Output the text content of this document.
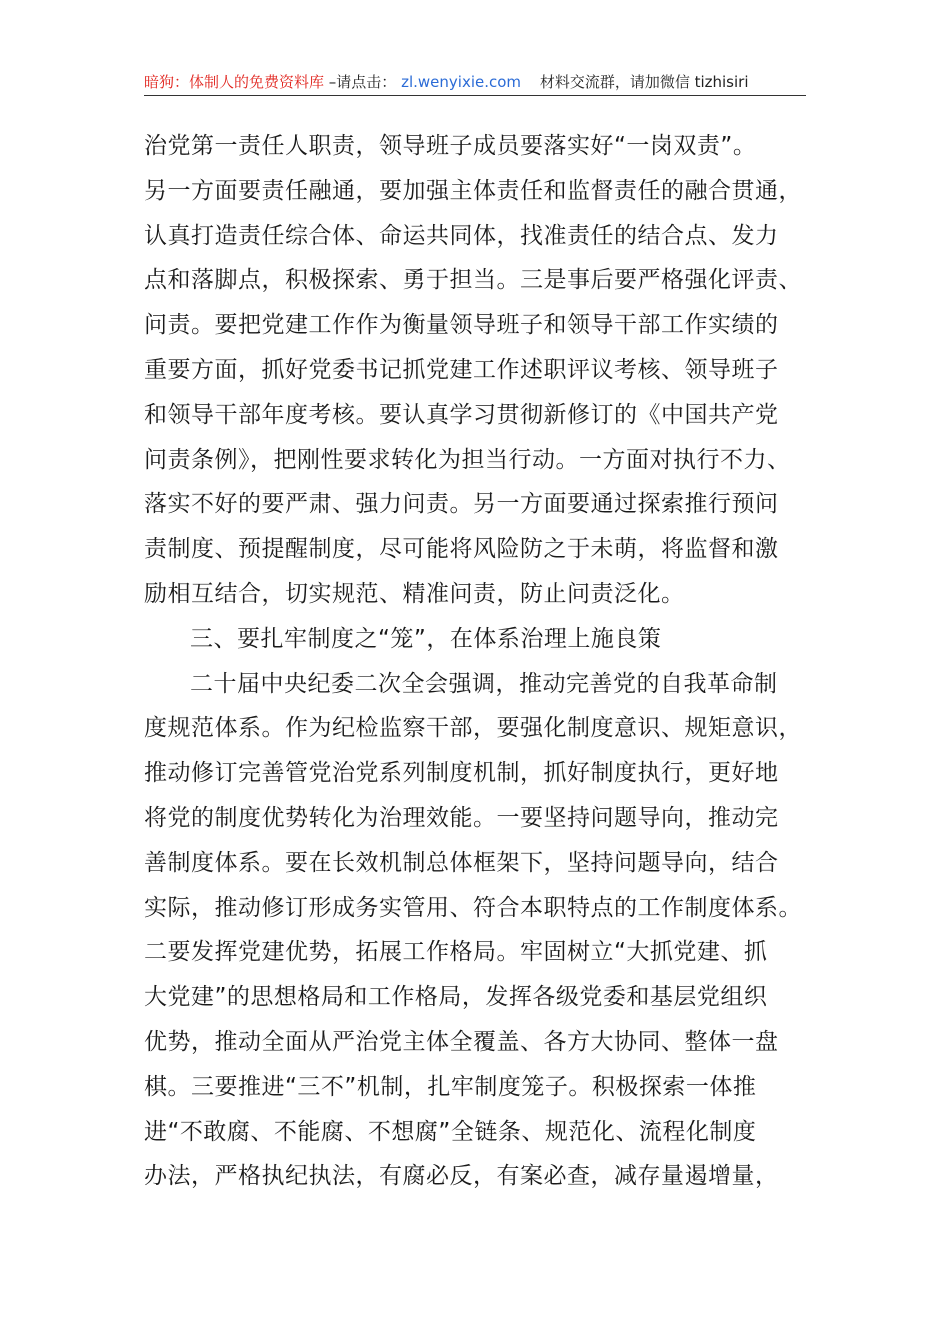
暗狗：体制人的免费资料库 –请点击： zl.wenyixie.com 材料交流群，请加微信 tizhisiri
治党第一责任人职责，领导班子成员要落实好“一岗双责”。
另一方面要责任融通，要加强主体责任和监督责任的融合贯通，
认真打造责任综合体、命运共同体，找准责任的结合点、发力
点和落脚点，积极探索、勇于担当。三是事后要严格强化评责、
问责。要把党建工作作为衡量领导班子和领导干部工作实绩的
重要方面，抓好党委书记抓党建工作述职评议考核、领导班子
和领导干部年度考核。要认真学习贯彻新修订的《中国共产党
问责条例》，把刚性要求转化为担当行动。一方面对执行不力、
落实不好的要严肃、强力问责。另一方面要通过探索推行预问
责制度、预提醒制度，尽可能将风险防之于未萌，将监督和激
励相互结合，切实规范、精准问责，防止问责泛化。
三、要扎牢制度之“笼”，在体系治理上施良策
二十届中央纪委二次全会强调，推动完善党的自我革命制
度规范体系。作为纪检监察干部，要强化制度意识、规矩意识，
推动修订完善管党治党系列制度机制，抓好制度执行，更好地
将党的制度优势转化为治理效能。一要坚持问题导向，推动完
善制度体系。要在长效机制总体框架下，坚持问题导向，结合
实际，推动修订形成务实管用、符合本职特点的工作制度体系。
二要发挥党建优势，拓展工作格局。牢固树立“大抓党建、抓
大党建”的思想格局和工作格局，发挥各级党委和基层党组织
优势，推动全面从严治党主体全覆盖、各方大协同、整体一盘
棋。三要推进“三不”机制，扎牢制度笼子。积极探索一体推
进“不敢腐、不能腐、不想腐”全链条、规范化、流程化制度
办法，严格执纪执法，有腐必反，有案必查，减存量遏增量，
